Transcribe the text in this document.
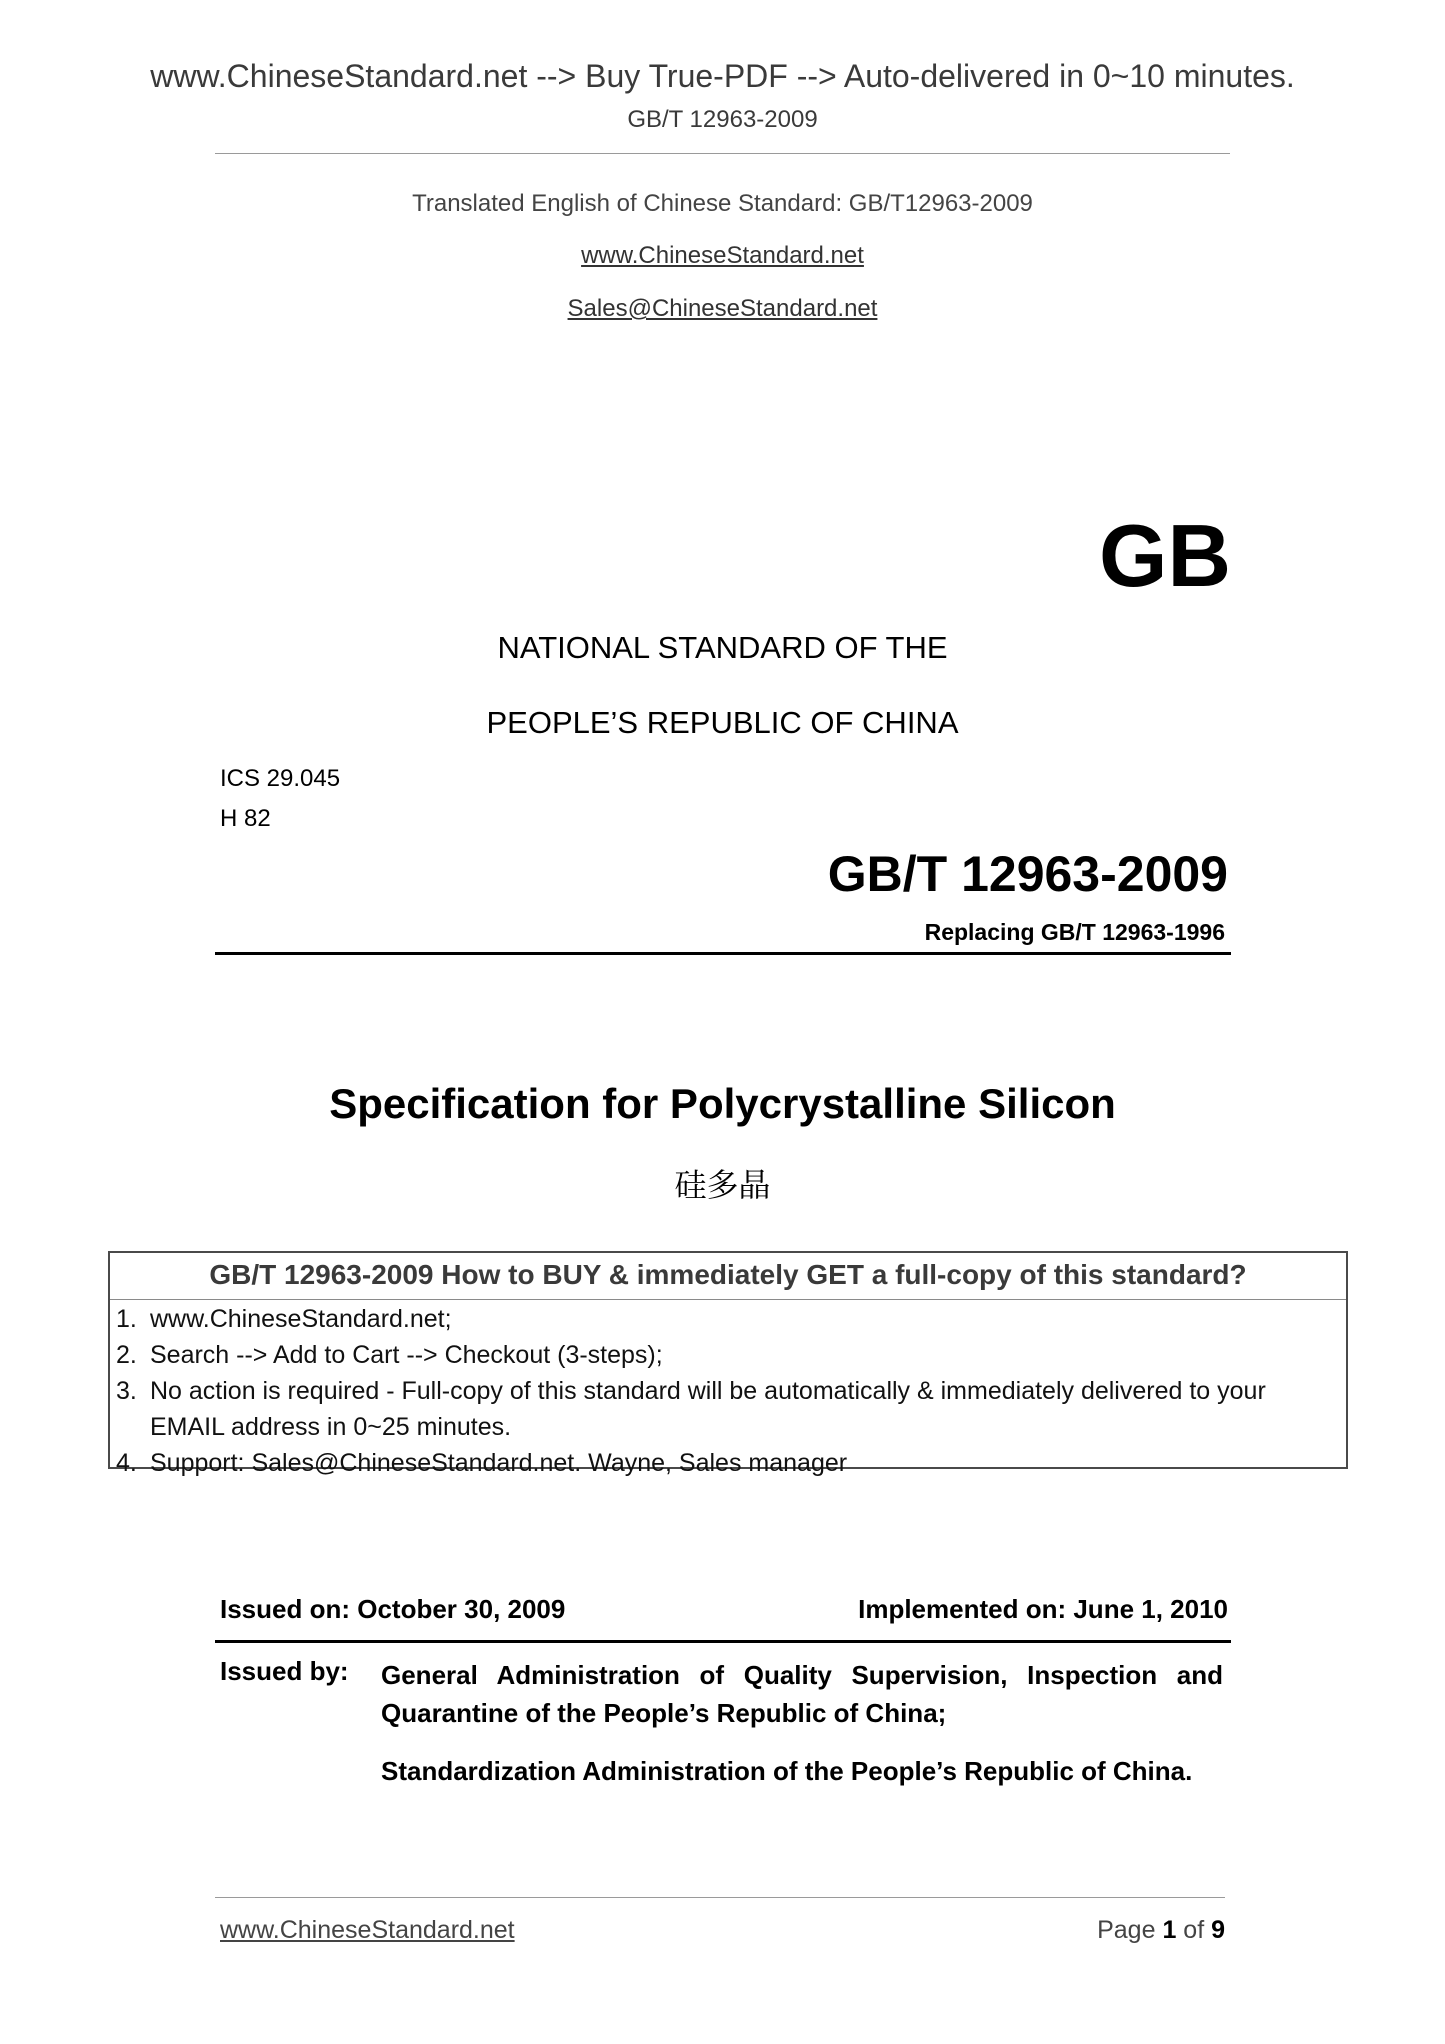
www.ChineseStandard.net --> Buy True-PDF --> Auto-delivered in 0~10 minutes.
GB/T 12963-2009
Translated English of Chinese Standard: GB/T12963-2009
www.ChineseStandard.net
Sales@ChineseStandard.net
GB
NATIONAL STANDARD OF THE
PEOPLE’S REPUBLIC OF CHINA
ICS 29.045
H 82
GB/T 12963-2009
Replacing GB/T 12963-1996
Specification for Polycrystalline Silicon
硅多晶
GB/T 12963-2009 How to BUY & immediately GET a full-copy of this standard?
1. www.ChineseStandard.net;
2. Search --> Add to Cart --> Checkout (3-steps);
3. No action is required - Full-copy of this standard will be automatically & immediately delivered to your EMAIL address in 0~25 minutes.
4. Support: Sales@ChineseStandard.net. Wayne, Sales manager
Issued on: October 30, 2009	Implemented on: June 1, 2010
Issued by: General Administration of Quality Supervision, Inspection and Quarantine of the People’s Republic of China;
Standardization Administration of the People’s Republic of China.
www.ChineseStandard.net	Page 1 of 9
